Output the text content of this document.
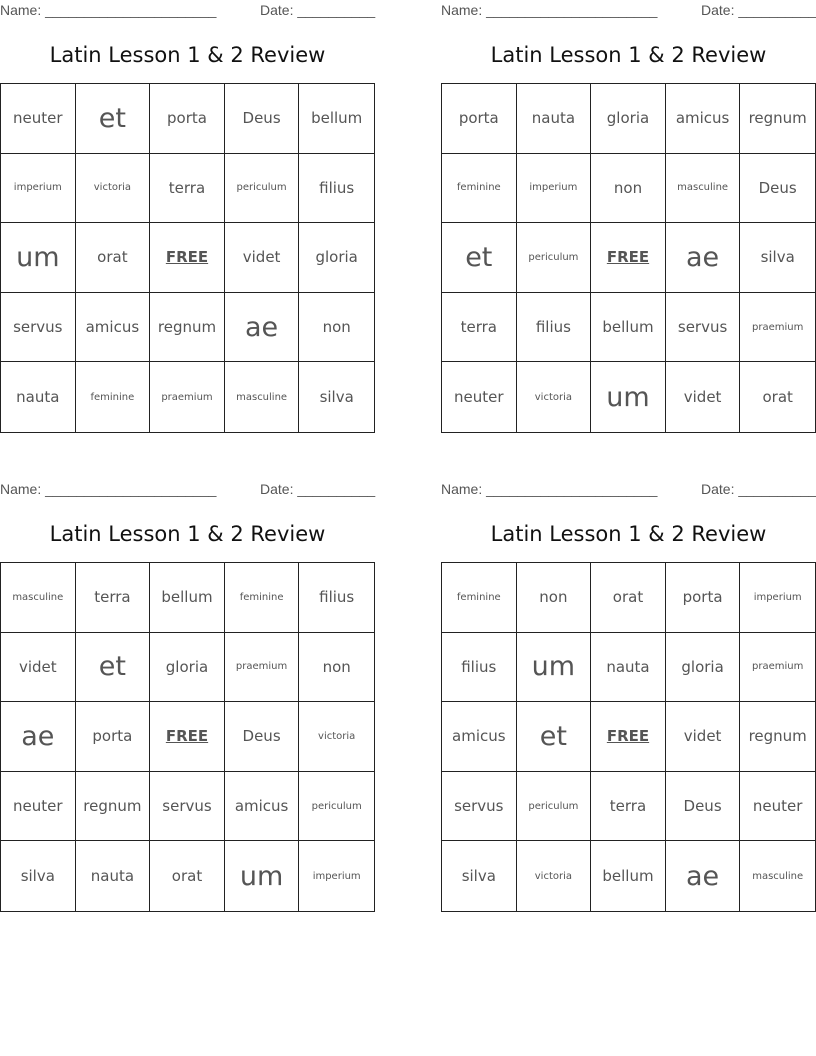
Name: ______________________	Date: __________
Latin Lesson 1 & 2 Review
neuter	et	porta	Deus	bellum
imperium	victoria	terra	periculum	filius
um	orat	FREE	videt	gloria
servus	amicus	regnum	ae	non
nauta	feminine	praemium	masculine	silva
Name: ______________________	Date: __________
Latin Lesson 1 & 2 Review
porta	nauta	gloria	amicus	regnum
feminine	imperium	non	masculine	Deus
et	periculum	FREE	ae	silva
terra	filius	bellum	servus	praemium
neuter	victoria	um	videt	orat
Name: ______________________	Date: __________
Latin Lesson 1 & 2 Review
masculine	terra	bellum	feminine	filius
videt	et	gloria	praemium	non
ae	porta	FREE	Deus	victoria
neuter	regnum	servus	amicus	periculum
silva	nauta	orat	um	imperium
Name: ______________________	Date: __________
Latin Lesson 1 & 2 Review
feminine	non	orat	porta	imperium
filius	um	nauta	gloria	praemium
amicus	et	FREE	videt	regnum
servus	periculum	terra	Deus	neuter
silva	victoria	bellum	ae	masculine
